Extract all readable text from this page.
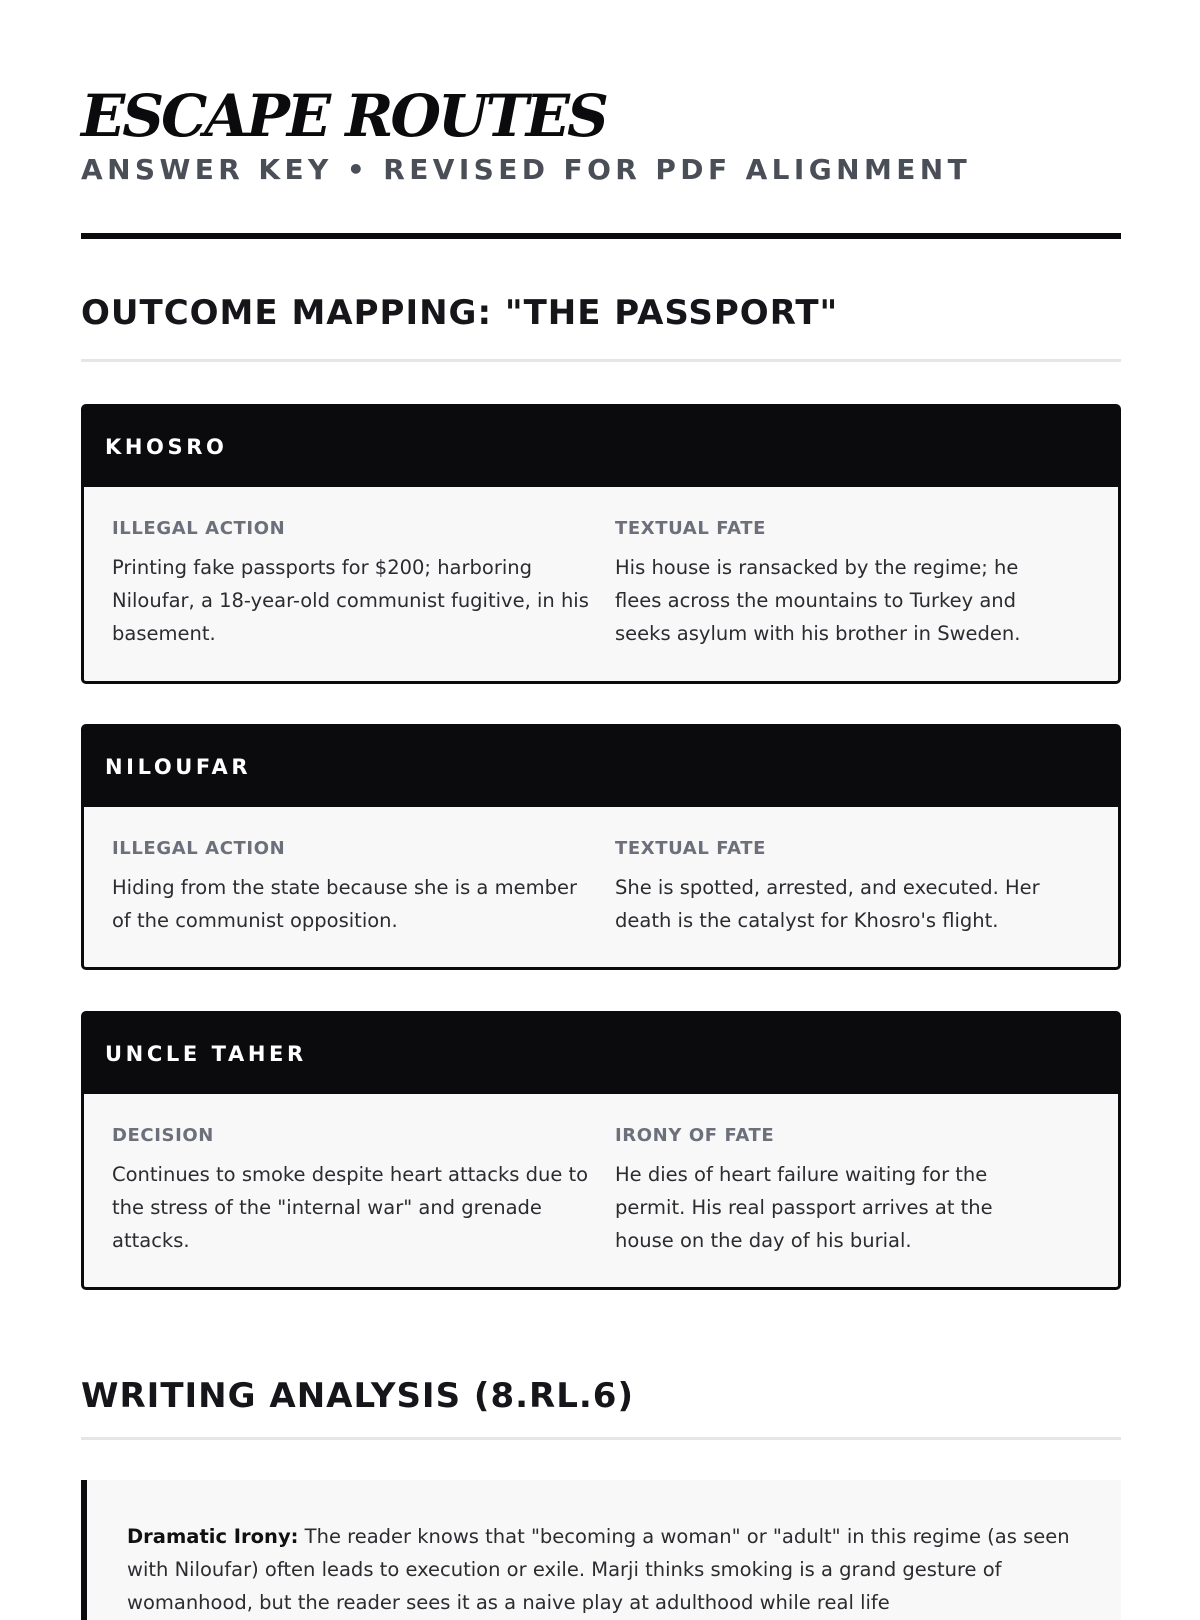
ESCAPE ROUTES
ANSWER KEY • REVISED FOR PDF ALIGNMENT
OUTCOME MAPPING: "THE PASSPORT"
KHOSRO
ILLEGAL ACTION
Printing fake passports for $200; harboring Niloufar, a 18-year-old communist fugitive, in his basement.
TEXTUAL FATE
His house is ransacked by the regime; he flees across the mountains to Turkey and seeks asylum with his brother in Sweden.
NILOUFAR
ILLEGAL ACTION
Hiding from the state because she is a member of the communist opposition.
TEXTUAL FATE
She is spotted, arrested, and executed. Her death is the catalyst for Khosro's flight.
UNCLE TAHER
DECISION
Continues to smoke despite heart attacks due to the stress of the "internal war" and grenade attacks.
IRONY OF FATE
He dies of heart failure waiting for the permit. His real passport arrives at the house on the day of his burial.
WRITING ANALYSIS (8.RL.6)
Dramatic Irony: The reader knows that "becoming a woman" or "adult" in this regime (as seen with Niloufar) often leads to execution or exile. Marji thinks smoking is a grand gesture of womanhood, but the reader sees it as a naive play at adulthood while real life
